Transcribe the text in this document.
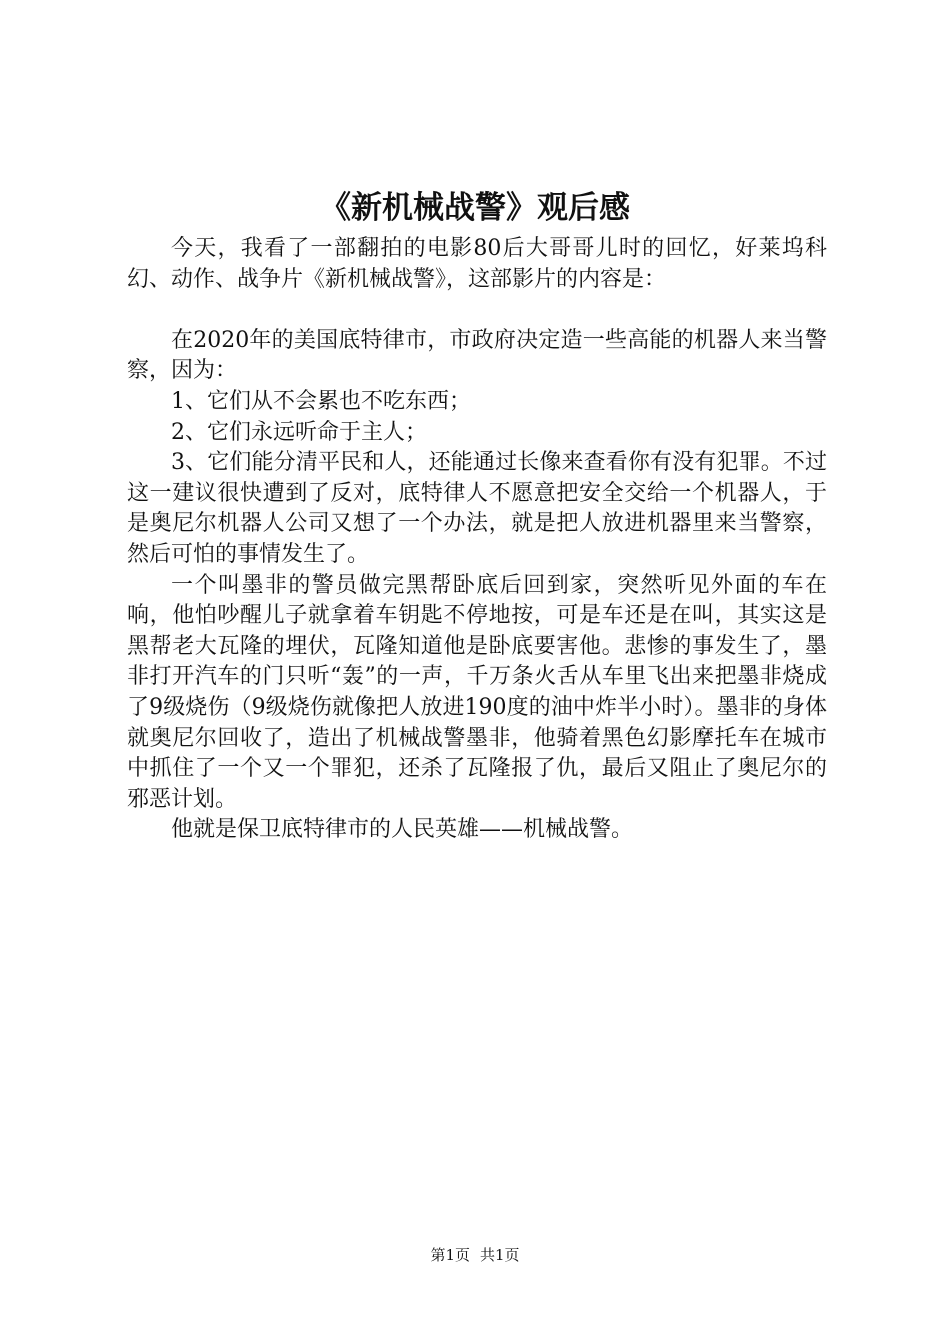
《新机械战警》观后感

今天，我看了一部翻拍的电影80后大哥哥儿时的回忆，好莱坞科幻、动作、战争片《新机械战警》，这部影片的内容是：

在2020年的美国底特律市，市政府决定造一些高能的机器人来当警察，因为：

1、它们从不会累也不吃东西；

2、它们永远听命于主人；

3、它们能分清平民和人，还能通过长像来查看你有没有犯罪。不过这一建议很快遭到了反对，底特律人不愿意把安全交给一个机器人，于是奥尼尔机器人公司又想了一个办法，就是把人放进机器里来当警察，然后可怕的事情发生了。

一个叫墨非的警员做完黑帮卧底后回到家，突然听见外面的车在响，他怕吵醒儿子就拿着车钥匙不停地按，可是车还是在叫，其实这是黑帮老大瓦隆的埋伏，瓦隆知道他是卧底要害他。悲惨的事发生了，墨非打开汽车的门只听“轰”的一声，千万条火舌从车里飞出来把墨非烧成了9级烧伤（9级烧伤就像把人放进190度的油中炸半小时）。墨非的身体就奥尼尔回收了，造出了机械战警墨非，他骑着黑色幻影摩托车在城市中抓住了一个又一个罪犯，还杀了瓦隆报了仇，最后又阻止了奥尼尔的邪恶计划。

他就是保卫底特律市的人民英雄——机械战警。

第1页 共1页
